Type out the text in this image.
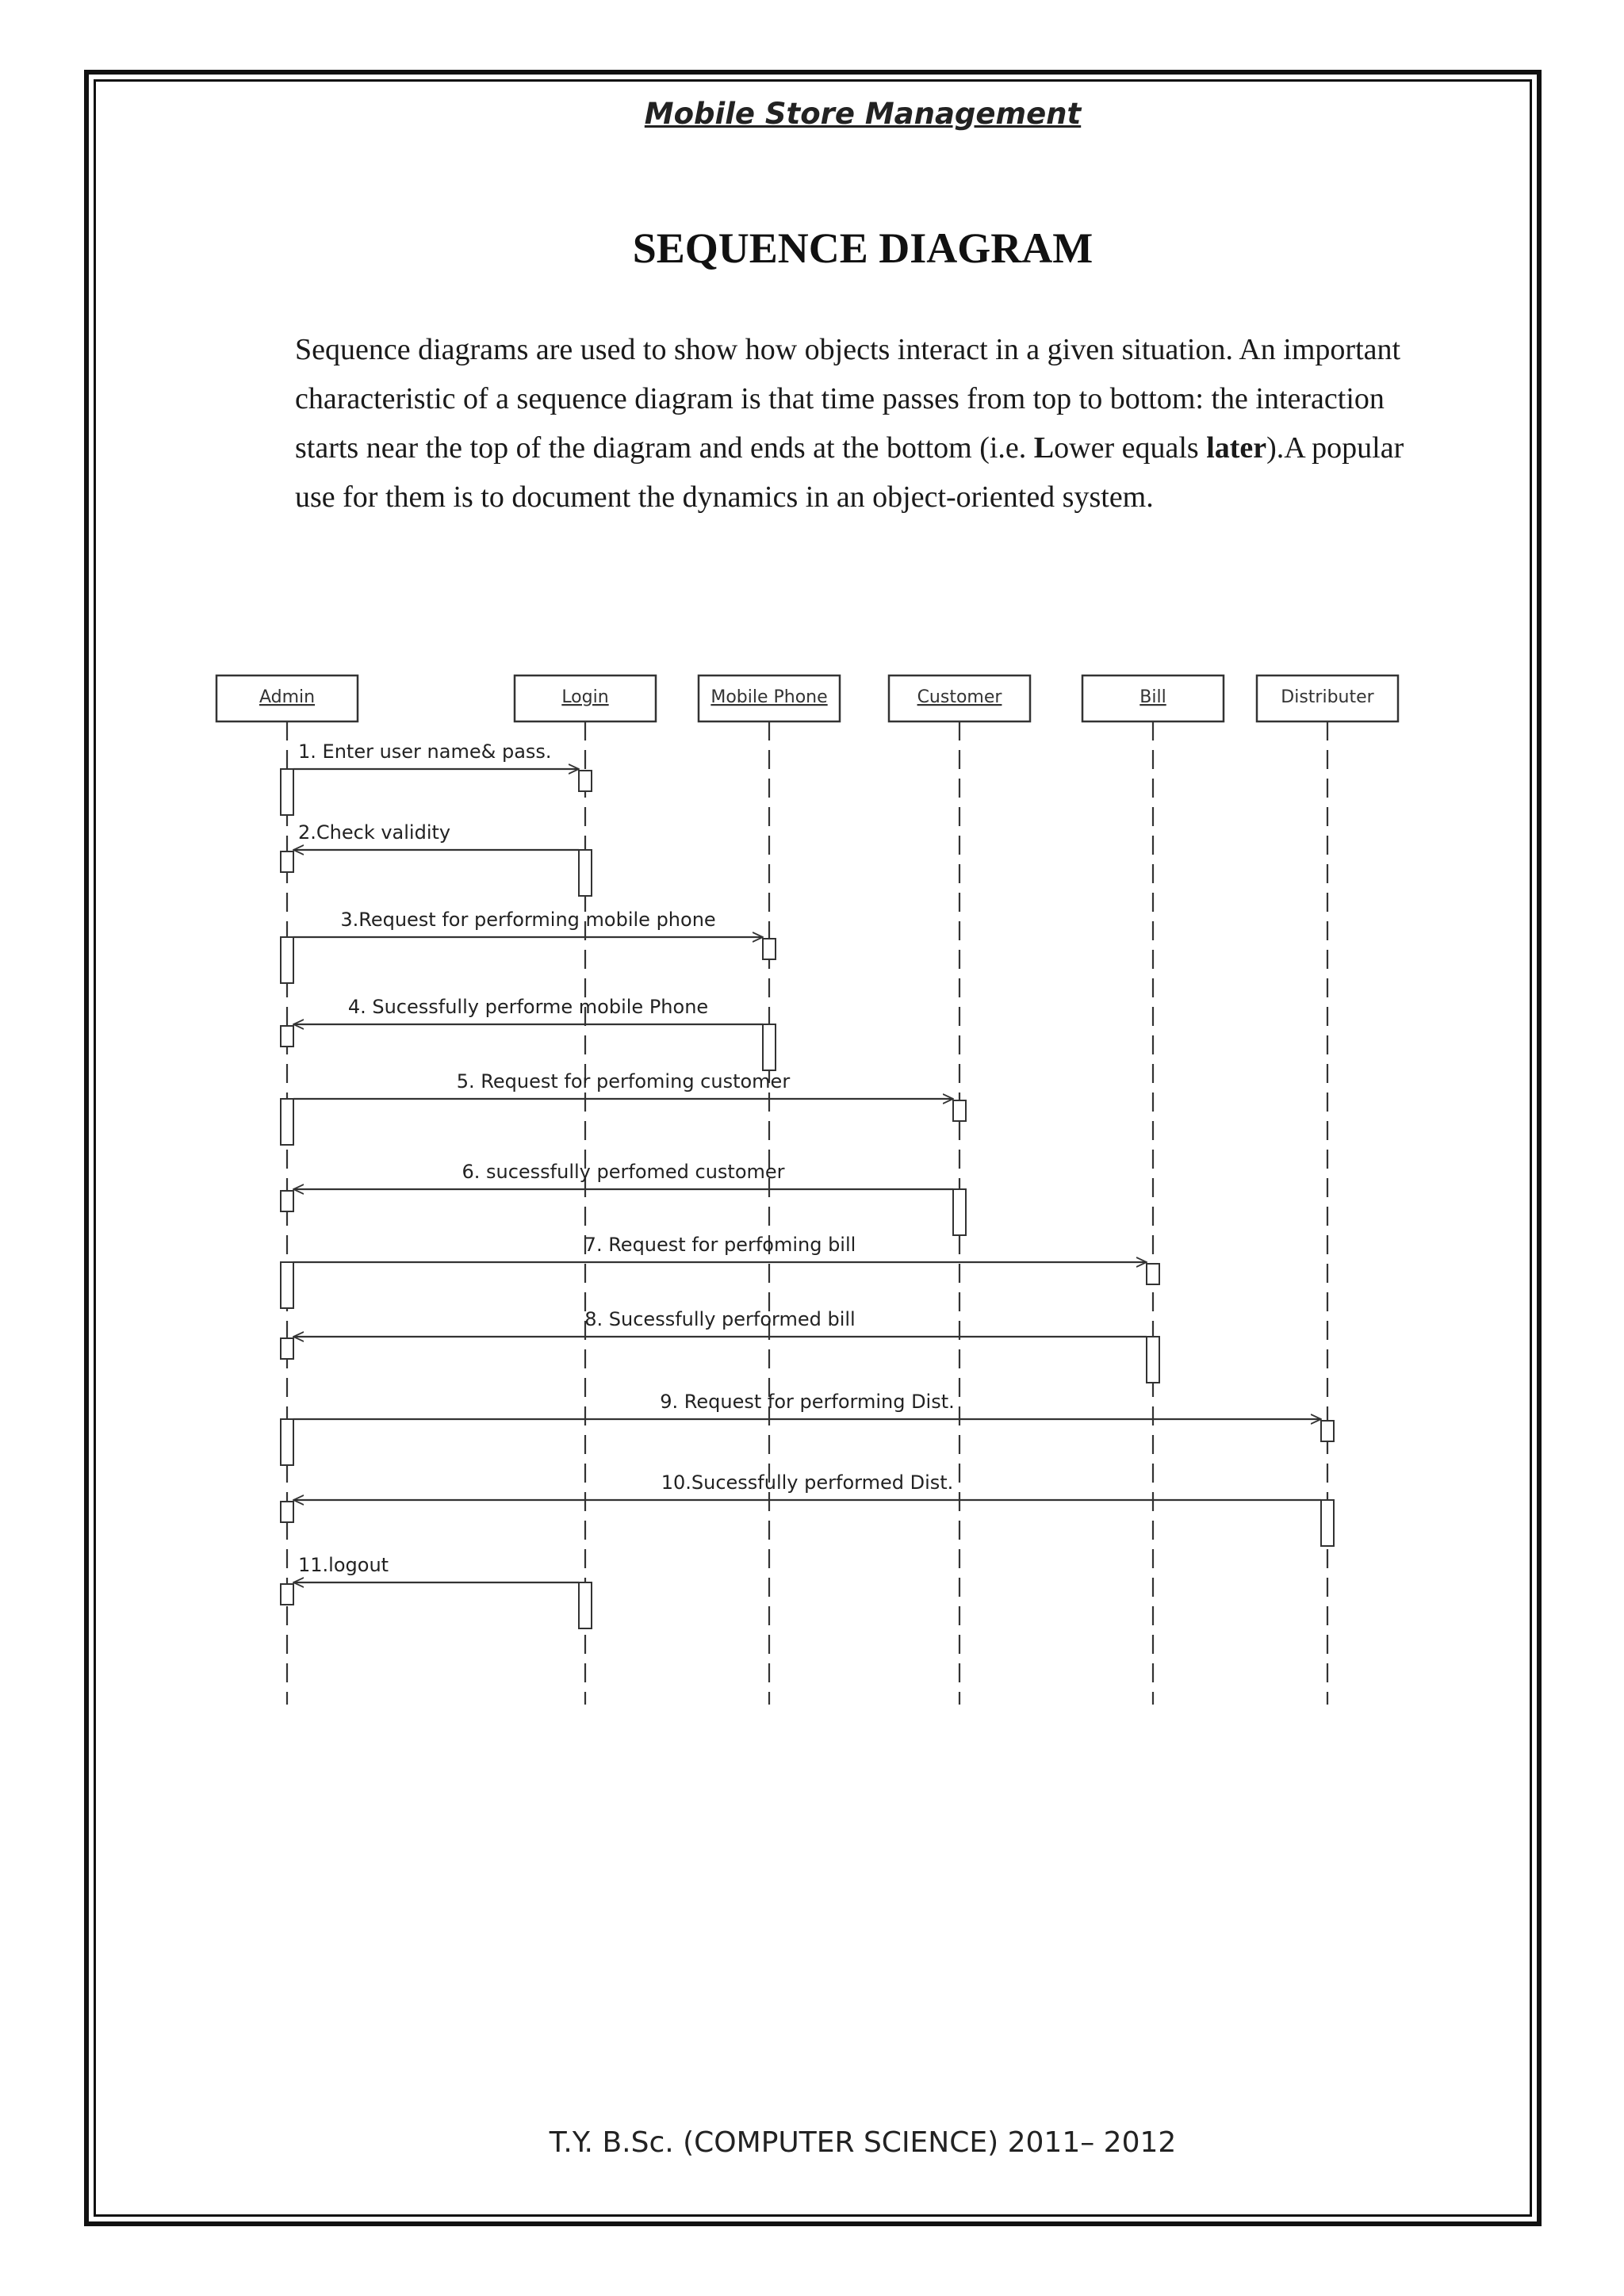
Mobile Store Management
SEQUENCE DIAGRAM
Sequence diagrams are used to show how objects interact in a given situation. An important characteristic of a sequence diagram is that time passes from top to bottom: the interaction starts near the top of the diagram and ends at the bottom (i.e. Lower equals later).A popular use for them is to document the dynamics in an object-oriented system.
Admin	Login	Mobile Phone	Customer	Bill	Distributer
1. Enter user name& pass.
2.Check validity
3.Request for performing mobile phone
4. Sucessfully performe mobile Phone
5. Request for perfoming customer
6. sucessfully perfomed customer
7. Request for perfoming bill
8. Sucessfully performed bill
9. Request for performing Dist.
10.Sucessfully performed Dist.
11.logout
T.Y. B.Sc. (COMPUTER SCIENCE) 2011– 2012
